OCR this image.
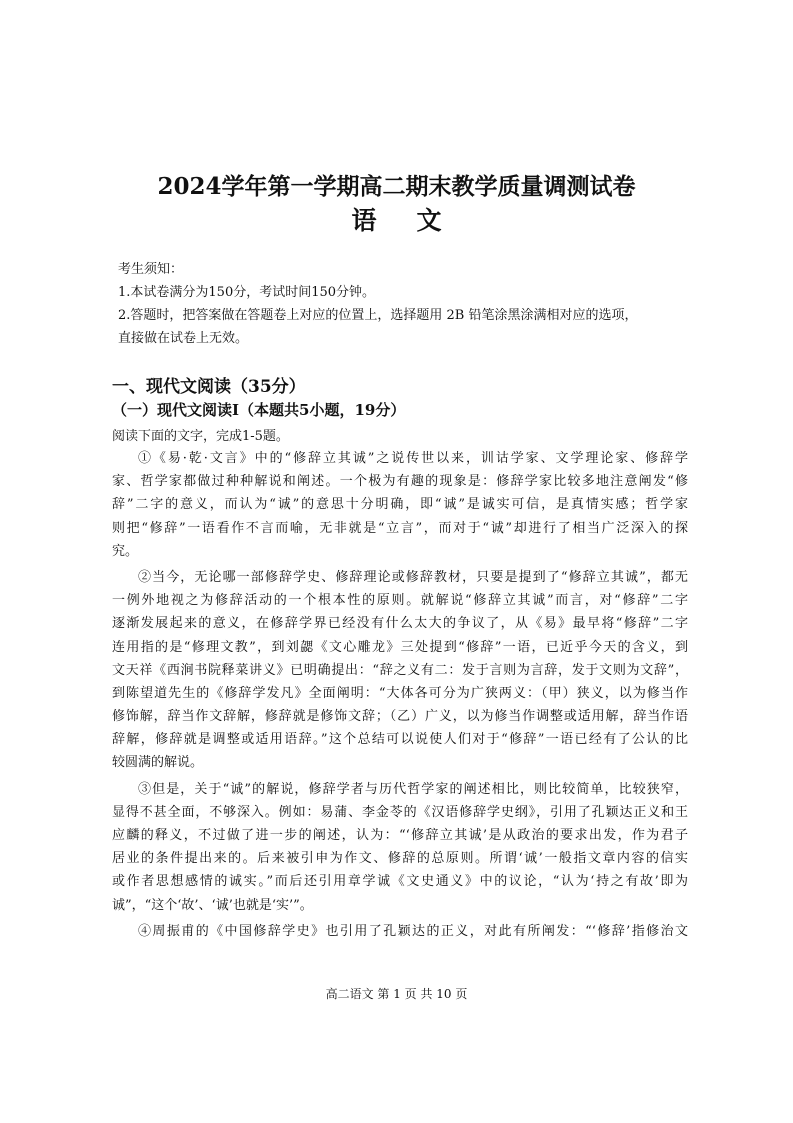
2024学年第一学期高二期末教学质量调测试卷
语文
考生须知：
1.本试卷满分为150分，考试时间150分钟。
2.答题时，把答案做在答题卷上对应的位置上，选择题用 2B 铅笔涂黑涂满相对应的选项，
直接做在试卷上无效。
一、现代文阅读（35分）
（一）现代文阅读Ⅰ（本题共5小题，19分）
阅读下面的文字，完成1-5题。
①《易·乾·文言》中的“修辞立其诚”之说传世以来，训诂学家、文学理论家、修辞学
家、哲学家都做过种种解说和阐述。一个极为有趣的现象是：修辞学家比较多地注意阐发“修
辞”二字的意义，而认为“诚”的意思十分明确，即“诚”是诚实可信，是真情实感；哲学家
则把“修辞”一语看作不言而喻，无非就是“立言”，而对于“诚”却进行了相当广泛深入的探
究。
②当今，无论哪一部修辞学史、修辞理论或修辞教材，只要是提到了“修辞立其诚”，都无
一例外地视之为修辞活动的一个根本性的原则。就解说“修辞立其诚”而言，对“修辞”二字
逐渐发展起来的意义，在修辞学界已经没有什么太大的争议了，从《易》最早将“修辞”二字
连用指的是“修理文教”，到刘勰《文心雕龙》三处提到“修辞”一语，已近乎今天的含义，到
文天祥《西涧书院释菜讲义》已明确提出：“辞之义有二：发于言则为言辞，发于文则为文辞”，
到陈望道先生的《修辞学发凡》全面阐明：“大体各可分为广狭两义：（甲）狭义，以为修当作
修饰解，辞当作文辞解，修辞就是修饰文辞；（乙）广义，以为修当作调整或适用解，辞当作语
辞解，修辞就是调整或适用语辞。”这个总结可以说使人们对于“修辞”一语已经有了公认的比
较圆满的解说。
③但是，关于“诚”的解说，修辞学者与历代哲学家的阐述相比，则比较简单，比较狭窄，
显得不甚全面，不够深入。例如：易蒲、李金苓的《汉语修辞学史纲》，引用了孔颖达正义和王
应麟的释义，不过做了进一步的阐述，认为：“‘修辞立其诚’是从政治的要求出发，作为君子
居业的条件提出来的。后来被引申为作文、修辞的总原则。所谓‘诚’一般指文章内容的信实
或作者思想感情的诚实。”而后还引用章学诚《文史通义》中的议论，“认为‘持之有故’即为
诚”，“这个‘故’、‘诚’也就是‘实’”。
④周振甫的《中国修辞学史》也引用了孔颖达的正义，对此有所阐发：“‘修辞’指修治文
高二语文 第 1 页 共 10 页
